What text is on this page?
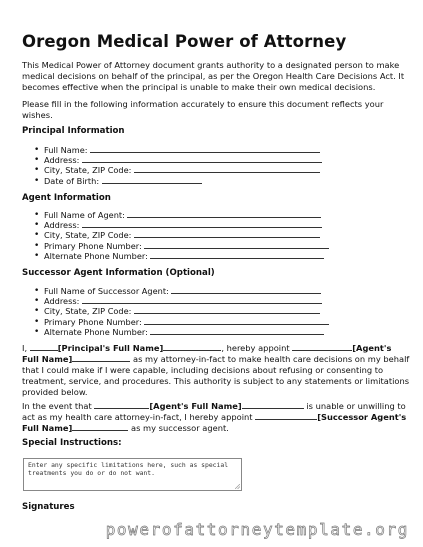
Oregon Medical Power of Attorney

This Medical Power of Attorney document grants authority to a designated person to make medical decisions on behalf of the principal, as per the Oregon Health Care Decisions Act. It becomes effective when the principal is unable to make their own medical decisions.

Please fill in the following information accurately to ensure this document reflects your wishes.

Principal Information

• Full Name:
• Address:
• City, State, ZIP Code:
• Date of Birth:

Agent Information

• Full Name of Agent:
• Address:
• City, State, ZIP Code:
• Primary Phone Number:
• Alternate Phone Number:

Successor Agent Information (Optional)

• Full Name of Successor Agent:
• Address:
• City, State, ZIP Code:
• Primary Phone Number:
• Alternate Phone Number:

I,	[Principal's Full Name]	, hereby appoint	[Agent's Full Name]	as my attorney-in-fact to make health care decisions on my behalf that I could make if I were capable, including decisions about refusing or consenting to treatment, service, and procedures. This authority is subject to any statements or limitations provided below.

In the event that	[Agent's Full Name]	is unable or unwilling to act as my health care attorney-in-fact, I hereby appoint	[Successor Agent's Full Name]	as my successor agent.

Special Instructions:

Enter any specific limitations here, such as special treatments you do or do not want.

Signatures

powerofattorneytemplate.org
